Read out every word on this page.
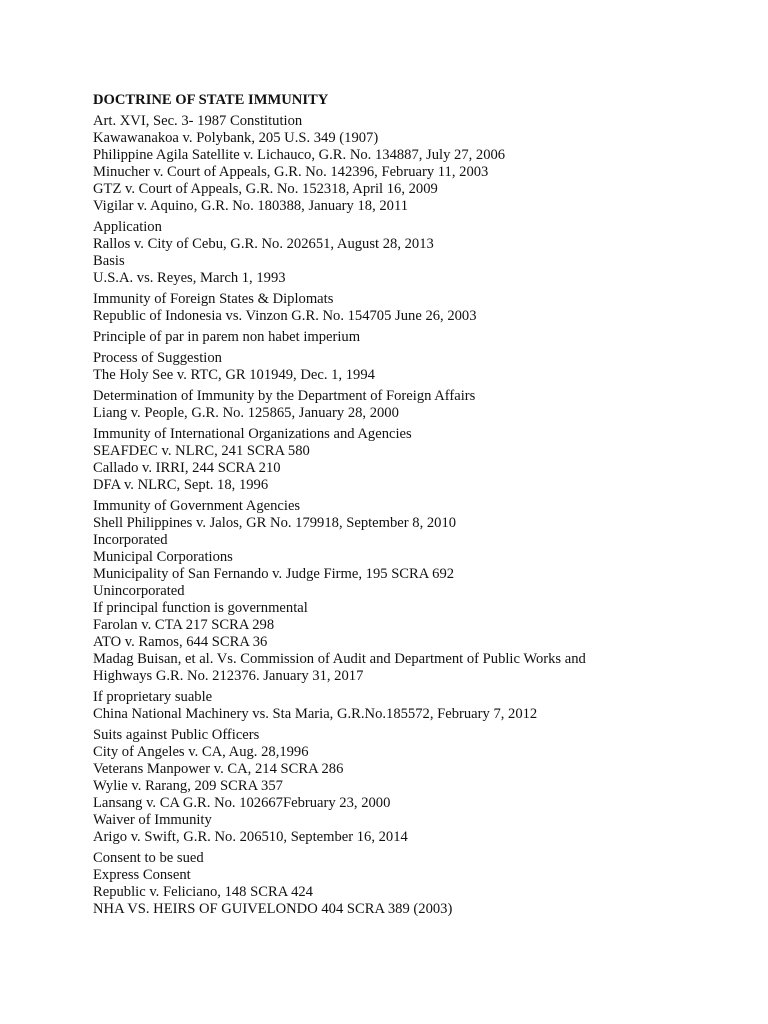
DOCTRINE OF STATE IMMUNITY
Art. XVI, Sec. 3- 1987 Constitution
Kawawanakoa v. Polybank, 205 U.S. 349 (1907)
Philippine Agila Satellite v. Lichauco, G.R. No. 134887, July 27, 2006
Minucher v. Court of Appeals, G.R. No. 142396, February 11, 2003
GTZ v. Court of Appeals, G.R. No. 152318, April 16, 2009
Vigilar v. Aquino, G.R. No. 180388, January 18, 2011
Application
Rallos v. City of Cebu, G.R. No. 202651, August 28, 2013
Basis
U.S.A. vs. Reyes, March 1, 1993
Immunity of Foreign States & Diplomats
Republic of Indonesia vs. Vinzon G.R. No. 154705 June 26, 2003
Principle of par in parem non habet imperium
Process of Suggestion
The Holy See v. RTC, GR 101949, Dec. 1, 1994
Determination of Immunity by the Department of Foreign Affairs
Liang v. People, G.R. No. 125865, January 28, 2000
Immunity of International Organizations and Agencies
SEAFDEC v. NLRC, 241 SCRA 580
Callado v. IRRI, 244 SCRA 210
DFA v. NLRC, Sept. 18, 1996
Immunity of Government Agencies
Shell Philippines v. Jalos, GR No. 179918, September 8, 2010
Incorporated
Municipal Corporations
Municipality of San Fernando v. Judge Firme, 195 SCRA 692
Unincorporated
If principal function is governmental
Farolan v. CTA 217 SCRA 298
ATO v. Ramos, 644 SCRA 36
Madag Buisan, et al. Vs. Commission of Audit and Department of Public Works and
Highways G.R. No. 212376. January 31, 2017
If proprietary suable
China National Machinery vs. Sta Maria, G.R.No.185572, February 7, 2012
Suits against Public Officers
City of Angeles v. CA, Aug. 28,1996
Veterans Manpower v. CA, 214 SCRA 286
Wylie v. Rarang, 209 SCRA 357
Lansang v. CA G.R. No. 102667February 23, 2000
Waiver of Immunity
Arigo v. Swift, G.R. No. 206510, September 16, 2014
Consent to be sued
Express Consent
Republic v. Feliciano, 148 SCRA 424
NHA VS. HEIRS OF GUIVELONDO 404 SCRA 389 (2003)
